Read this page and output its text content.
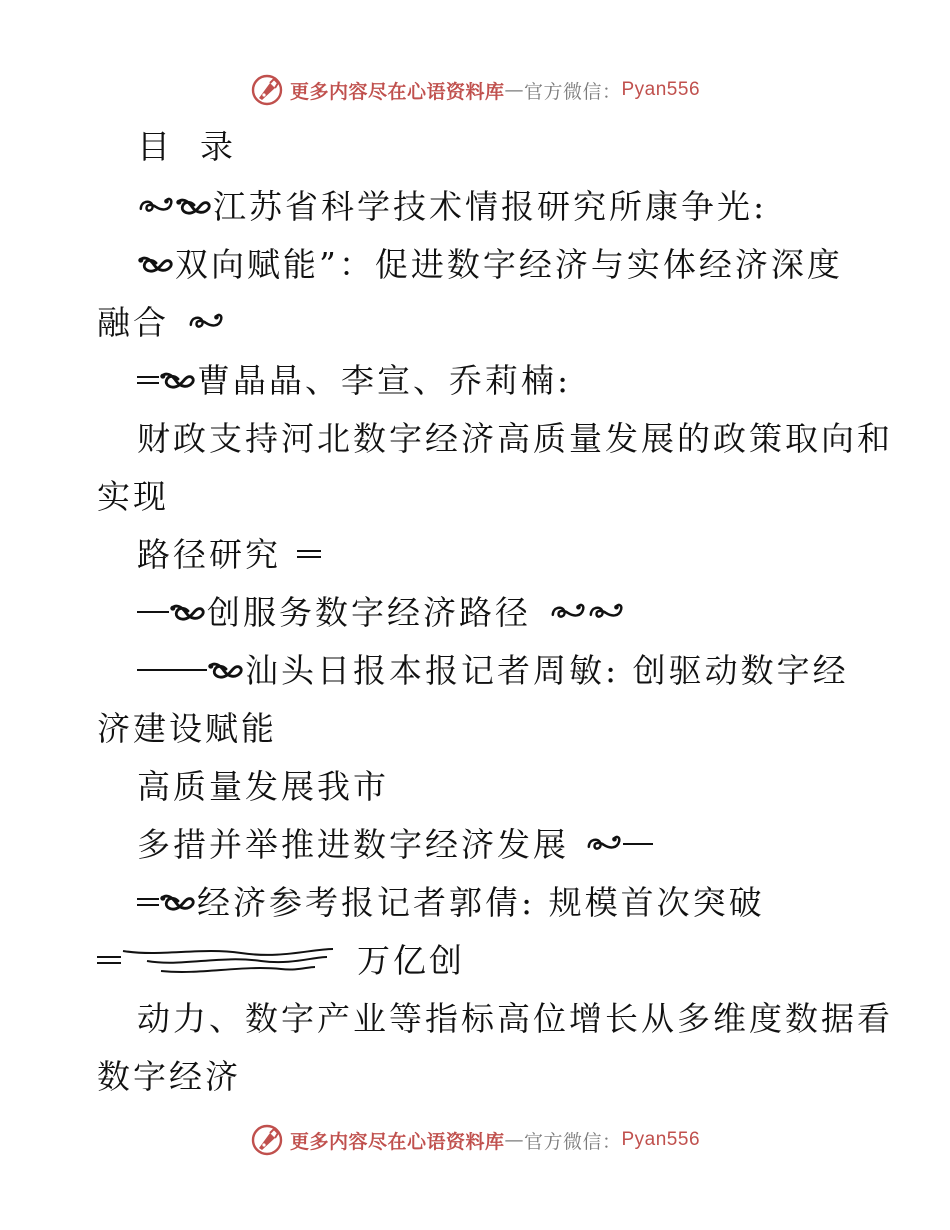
更多内容尽在心语资料库 — 官方微信： Pyan556
目  录
江苏省科学技术情报研究所康争光:
双向赋能”：促进数字经济与实体经济深度
融合
曹晶晶、李宣、乔莉楠:
财政支持河北数字经济高质量发展的政策取向和
实现
路径研究
创服务数字经济路径
汕头日报本报记者周敏: 创驱动数字经
济建设赋能
高质量发展我市
多措并举推进数字经济发展
经济参考报记者郭倩: 规模首次突破
万亿创
动力、数字产业等指标高位增长从多维度数据看
数字经济
更多内容尽在心语资料库 — 官方微信： Pyan556
